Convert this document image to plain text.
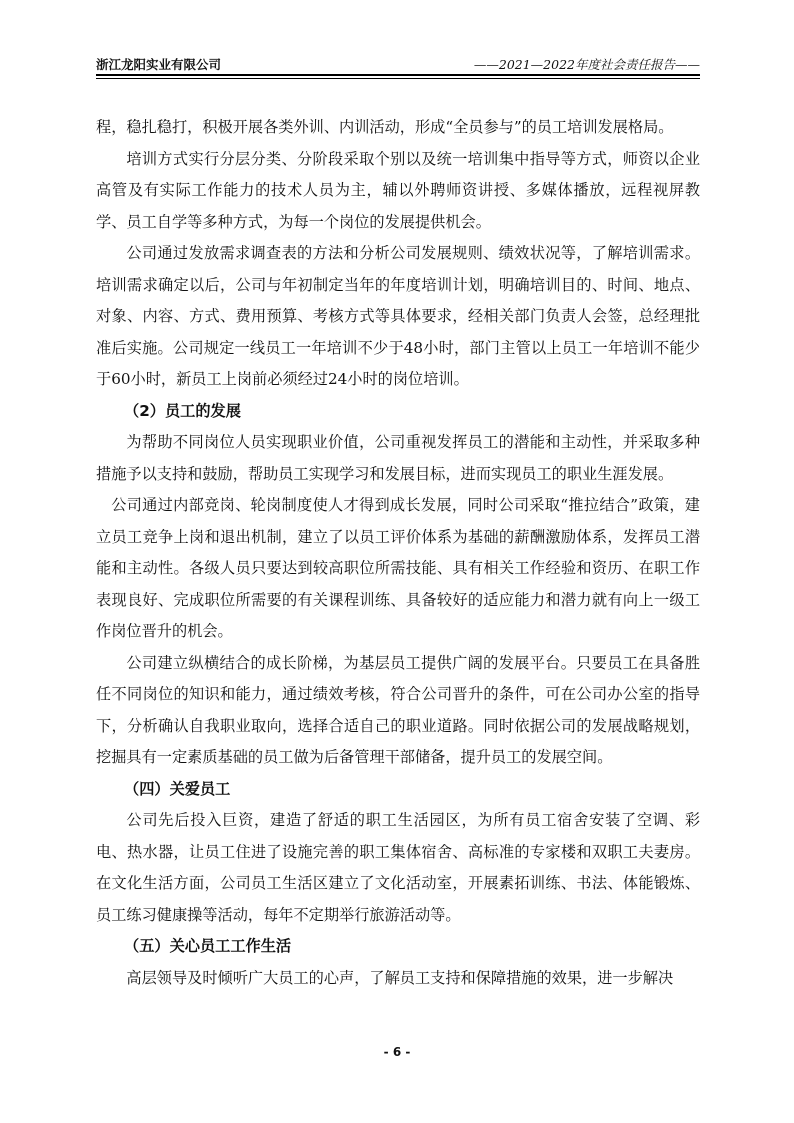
浙江龙阳实业有限公司	——2021—2022年度社会责任报告——

程，稳扎稳打，积极开展各类外训、内训活动，形成“全员参与”的员工培训发展格局。

培训方式实行分层分类、分阶段采取个别以及统一培训集中指导等方式，师资以企业高管及有实际工作能力的技术人员为主，辅以外聘师资讲授、多媒体播放，远程视屏教学、员工自学等多种方式，为每一个岗位的发展提供机会。

公司通过发放需求调查表的方法和分析公司发展规则、绩效状况等，了解培训需求。培训需求确定以后，公司与年初制定当年的年度培训计划，明确培训目的、时间、地点、对象、内容、方式、费用预算、考核方式等具体要求，经相关部门负责人会签，总经理批准后实施。公司规定一线员工一年培训不少于48小时，部门主管以上员工一年培训不能少于60小时，新员工上岗前必须经过24小时的岗位培训。

（2）员工的发展

为帮助不同岗位人员实现职业价值，公司重视发挥员工的潜能和主动性，并采取多种措施予以支持和鼓励，帮助员工实现学习和发展目标，进而实现员工的职业生涯发展。

公司通过内部竞岗、轮岗制度使人才得到成长发展，同时公司采取“推拉结合”政策，建立员工竞争上岗和退出机制，建立了以员工评价体系为基础的薪酬激励体系，发挥员工潜能和主动性。各级人员只要达到较高职位所需技能、具有相关工作经验和资历、在职工作表现良好、完成职位所需要的有关课程训练、具备较好的适应能力和潜力就有向上一级工作岗位晋升的机会。

公司建立纵横结合的成长阶梯，为基层员工提供广阔的发展平台。只要员工在具备胜任不同岗位的知识和能力，通过绩效考核，符合公司晋升的条件，可在公司办公室的指导下，分析确认自我职业取向，选择合适自己的职业道路。同时依据公司的发展战略规划，挖掘具有一定素质基础的员工做为后备管理干部储备，提升员工的发展空间。

（四）关爱员工

公司先后投入巨资，建造了舒适的职工生活园区，为所有员工宿舍安装了空调、彩电、热水器，让员工住进了设施完善的职工集体宿舍、高标准的专家楼和双职工夫妻房。在文化生活方面，公司员工生活区建立了文化活动室，开展素拓训练、书法、体能锻炼、员工练习健康操等活动，每年不定期举行旅游活动等。

（五）关心员工工作生活

高层领导及时倾听广大员工的心声，了解员工支持和保障措施的效果，进一步解决

- 6 -
